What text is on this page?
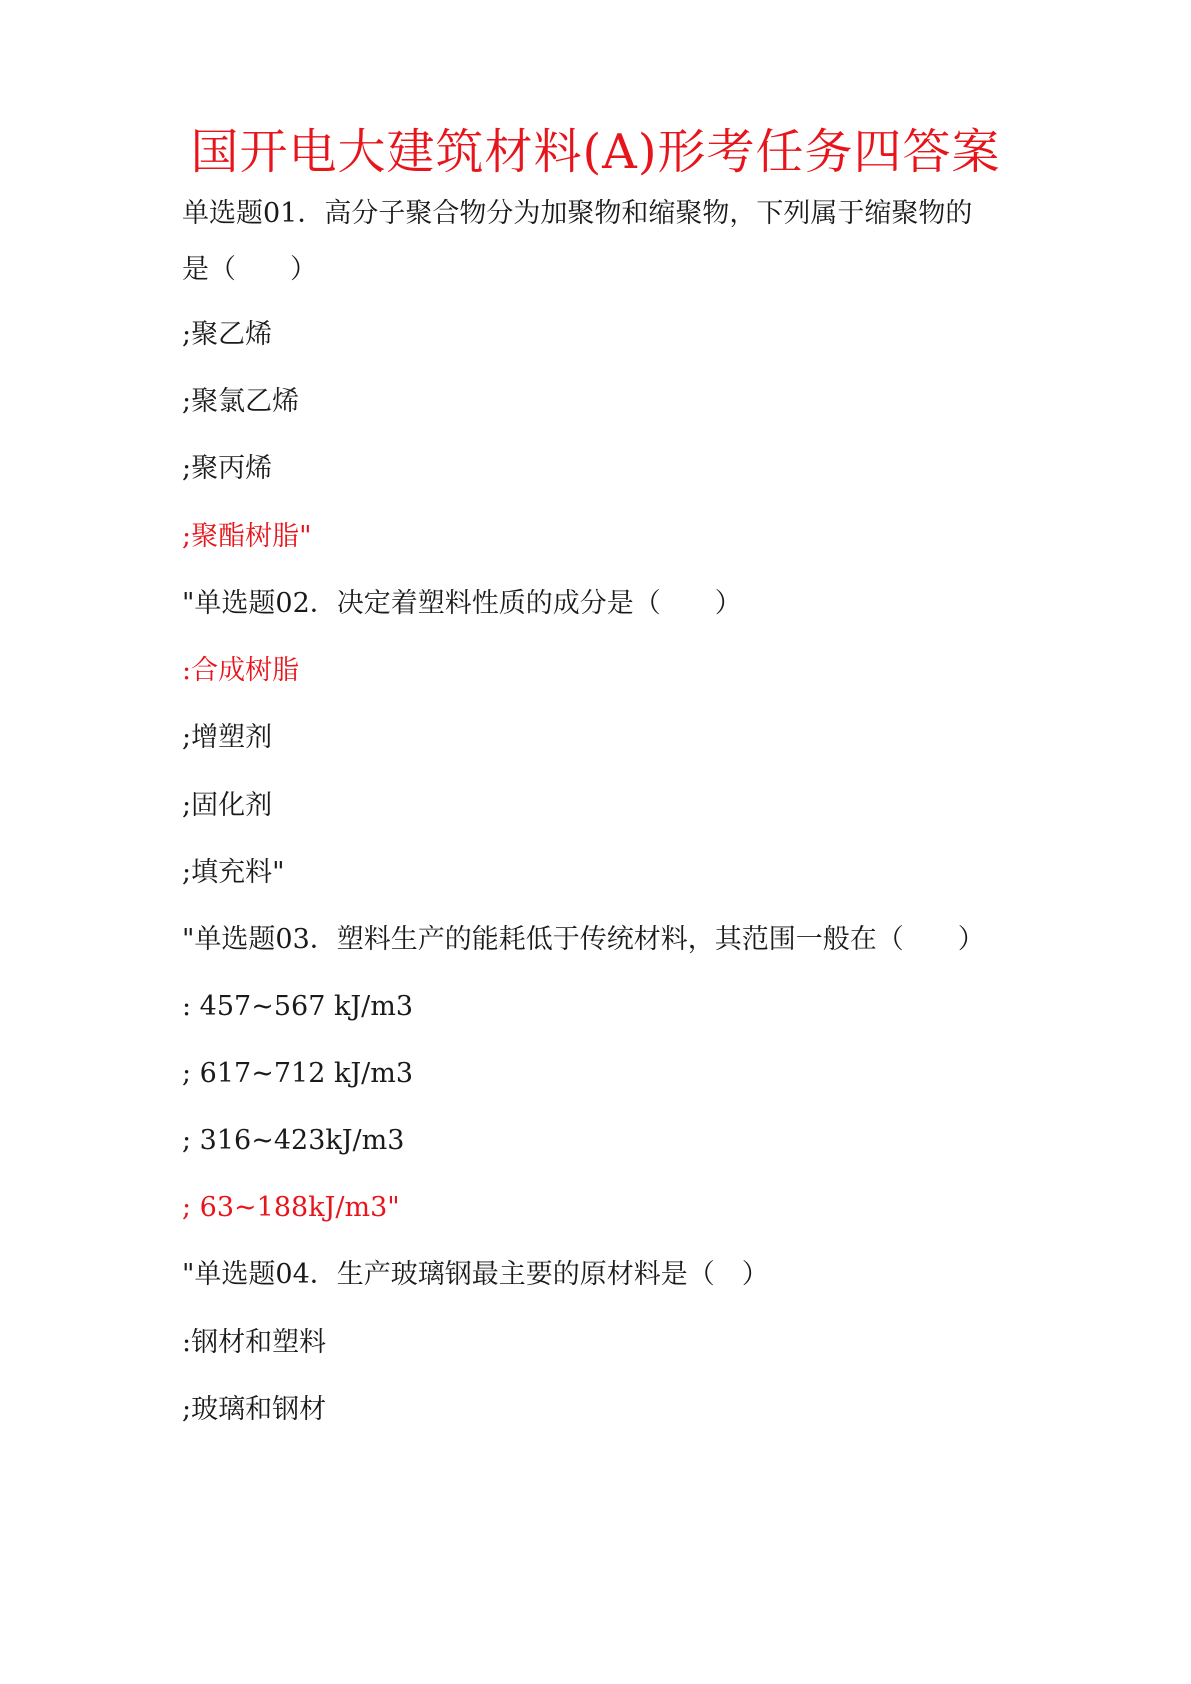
国开电大建筑材料(A)形考任务四答案
单选题01．高分子聚合物分为加聚物和缩聚物，下列属于缩聚物的
是（　　）
;聚乙烯
;聚氯乙烯
;聚丙烯
;聚酯树脂"
"单选题02．决定着塑料性质的成分是（　　）
:合成树脂
;增塑剂
;固化剂
;填充料"
"单选题03．塑料生产的能耗低于传统材料，其范围一般在（　　）
: 457~567 kJ/m3
; 617~712 kJ/m3
; 316~423kJ/m3
; 63~188kJ/m3"
"单选题04．生产玻璃钢最主要的原材料是（　）
:钢材和塑料
;玻璃和钢材
